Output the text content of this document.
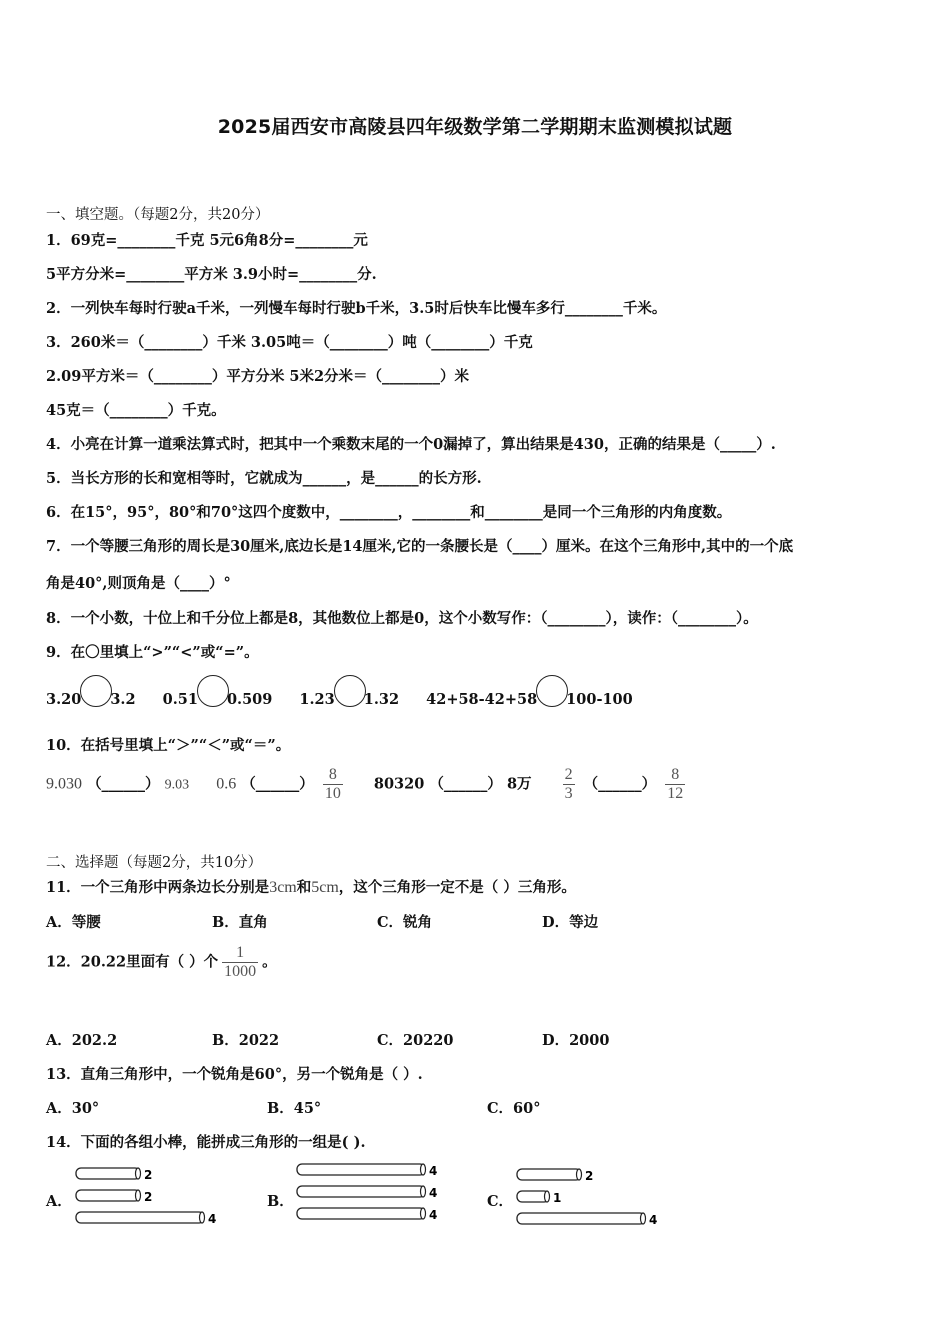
2025届西安市高陵县四年级数学第二学期期末监测模拟试题
一、填空题。（每题2分，共20分）
1．69克=________千克 5元6角8分=________元
5平方分米=________平方米 3.9小时=________分.
2．一列快车每时行驶a千米，一列慢车每时行驶b千米，3.5时后快车比慢车多行________千米。
3．260米＝（________）千米 3.05吨＝（________）吨（________）千克
2.09平方米＝（________）平方分米 5米2分米＝（________）米
45克＝（________）千克。
4．小亮在计算一道乘法算式时，把其中一个乘数末尾的一个0漏掉了，算出结果是430，正确的结果是（_____）.
5．当长方形的长和宽相等时，它就成为______，是______的长方形.
6．在15°，95°，80°和70°这四个度数中，________，________和________是同一个三角形的内角度数。
7．一个等腰三角形的周长是30厘米,底边长是14厘米,它的一条腰长是（____）厘米。在这个三角形中,其中的一个底
角是40°,则顶角是（____）°
8．一个小数，十位上和千分位上都是8，其他数位上都是0，这个小数写作：（________），读作：（________）。
9．在〇里填上“>”“<”或“=”。
3.20 3.2 0.51 0.509 1.23 1.32 42+58-42+58 100-100
10．在括号里填上“＞”“＜”或“＝”。
9.030 （______） 9.03 0.6 （______） $\frac{8}{10} 80320$ （______） 8万 $\frac{2}{3}$ （______） $\frac{8}{12}$
二、选择题（每题2分，共10分）
11．一个三角形中两条边长分别是3cm和5cm，这个三角形一定不是（ ）三角形。
A．等腰	B．直角	C．锐角	D．等边
12．20.22里面有（ ）个 $\frac{1}{1000}$ 。
A．202.2	B．2022	C．20220	D．2000
13．直角三角形中，一个锐角是60°，另一个锐角是（ ）.
A．30°	B．45°	C．60°
14．下面的各组小棒，能拼成三角形的一组是( ).
A．	B．	C．
2
2
4
4
4
4
2
1
4
